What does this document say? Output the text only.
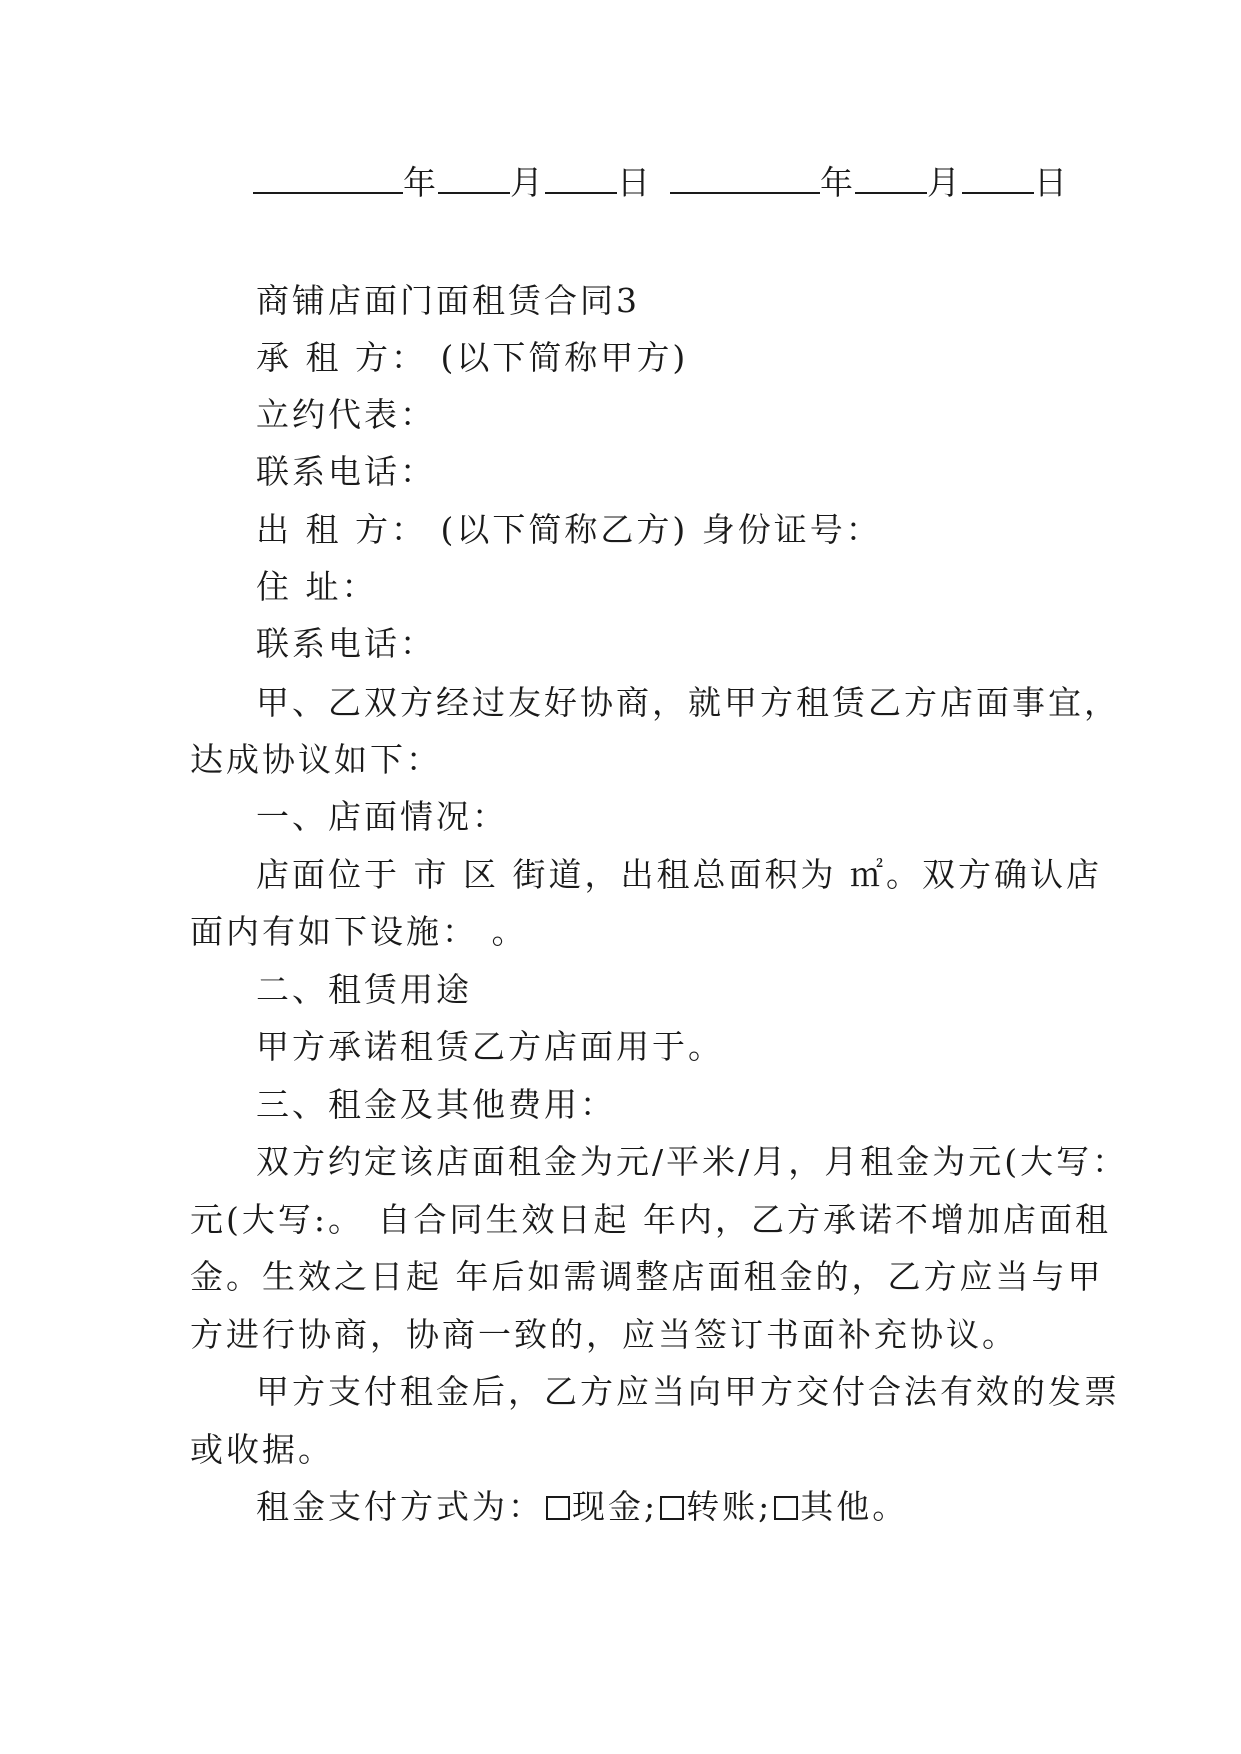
年 月 日	年 月 日
商铺店面门面租赁合同3
承 租 方： (以下简称甲方)
立约代表：
联系电话：
出 租 方： (以下简称乙方) 身份证号：
住 址：
联系电话：
甲、乙双方经过友好协商，就甲方租赁乙方店面事宜，
达成协议如下：
一、店面情况：
店面位于 市 区 街道，出租总面积为 ㎡。双方确认店
面内有如下设施： 。
二、租赁用途
甲方承诺租赁乙方店面用于。
三、租金及其他费用：
双方约定该店面租金为元/平米/月，月租金为元(大写：
元(大写:。 自合同生效日起 年内，乙方承诺不增加店面租
金。生效之日起 年后如需调整店面租金的，乙方应当与甲
方进行协商，协商一致的，应当签订书面补充协议。
甲方支付租金后，乙方应当向甲方交付合法有效的发票
或收据。
租金支付方式为： 现金; 转账; 其他。
